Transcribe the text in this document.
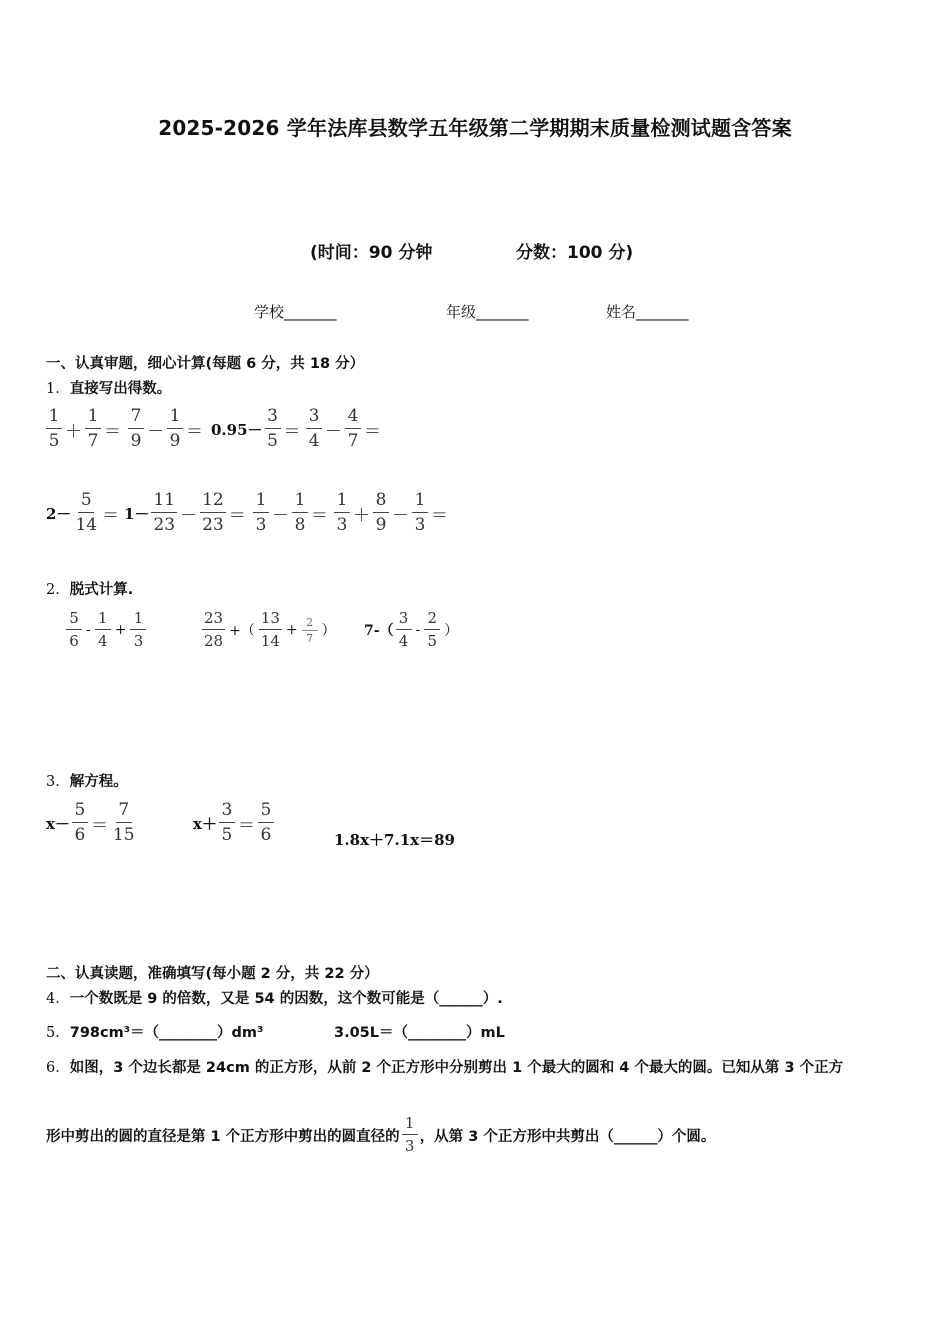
2025-2026 学年法库县数学五年级第二学期期末质量检测试题含答案
(时间：90 分钟	分数：100 分)
学校_______	年级_______	姓名_______
一、认真审题，细心计算(每题 6 分，共 18 分）
1．直接写出得数。
$\frac{1}{5} + \frac{1}{7} = \frac{7}{9} - \frac{1}{9} = 0.95- \frac{3}{5} = \frac{3}{4} - \frac{4}{7}$ ＝
$2- \frac{5}{14} = 1- \frac{11}{23} - \frac{12}{23} = \frac{1}{3} - \frac{1}{8} = \frac{1}{3} + \frac{8}{9} - \frac{1}{3}$ ＝
2．脱式计算.
$\frac{5}{6} - \frac{1}{4} + \frac{1}{3}$	$\frac{23}{28}$ +（ $\frac{13}{14} + \frac{2}{7}$ ） $7-( \frac{3}{4} - \frac{2}{5}$ ）
3．解方程。
$x- \frac{5}{6} = \frac{7}{15}$	$x+ \frac{3}{5} = \frac{5}{6}$	1.8x＋7.1x＝89
二、认真读题，准确填写(每小题 2 分，共 22 分）
4．一个数既是 9 的倍数，又是 54 的因数，这个数可能是（______）.
5．798cm³＝（________）dm³	3.05L＝（________）mL
6．如图，3 个边长都是 24cm 的正方形，从前 2 个正方形中分别剪出 1 个最大的圆和 4 个最大的圆。已知从第 3 个正方
形中剪出的圆的直径是第 1 个正方形中剪出的圆直径的 $\frac{1}{3}$ ，从第 3 个正方形中共剪出（______）个圆。
